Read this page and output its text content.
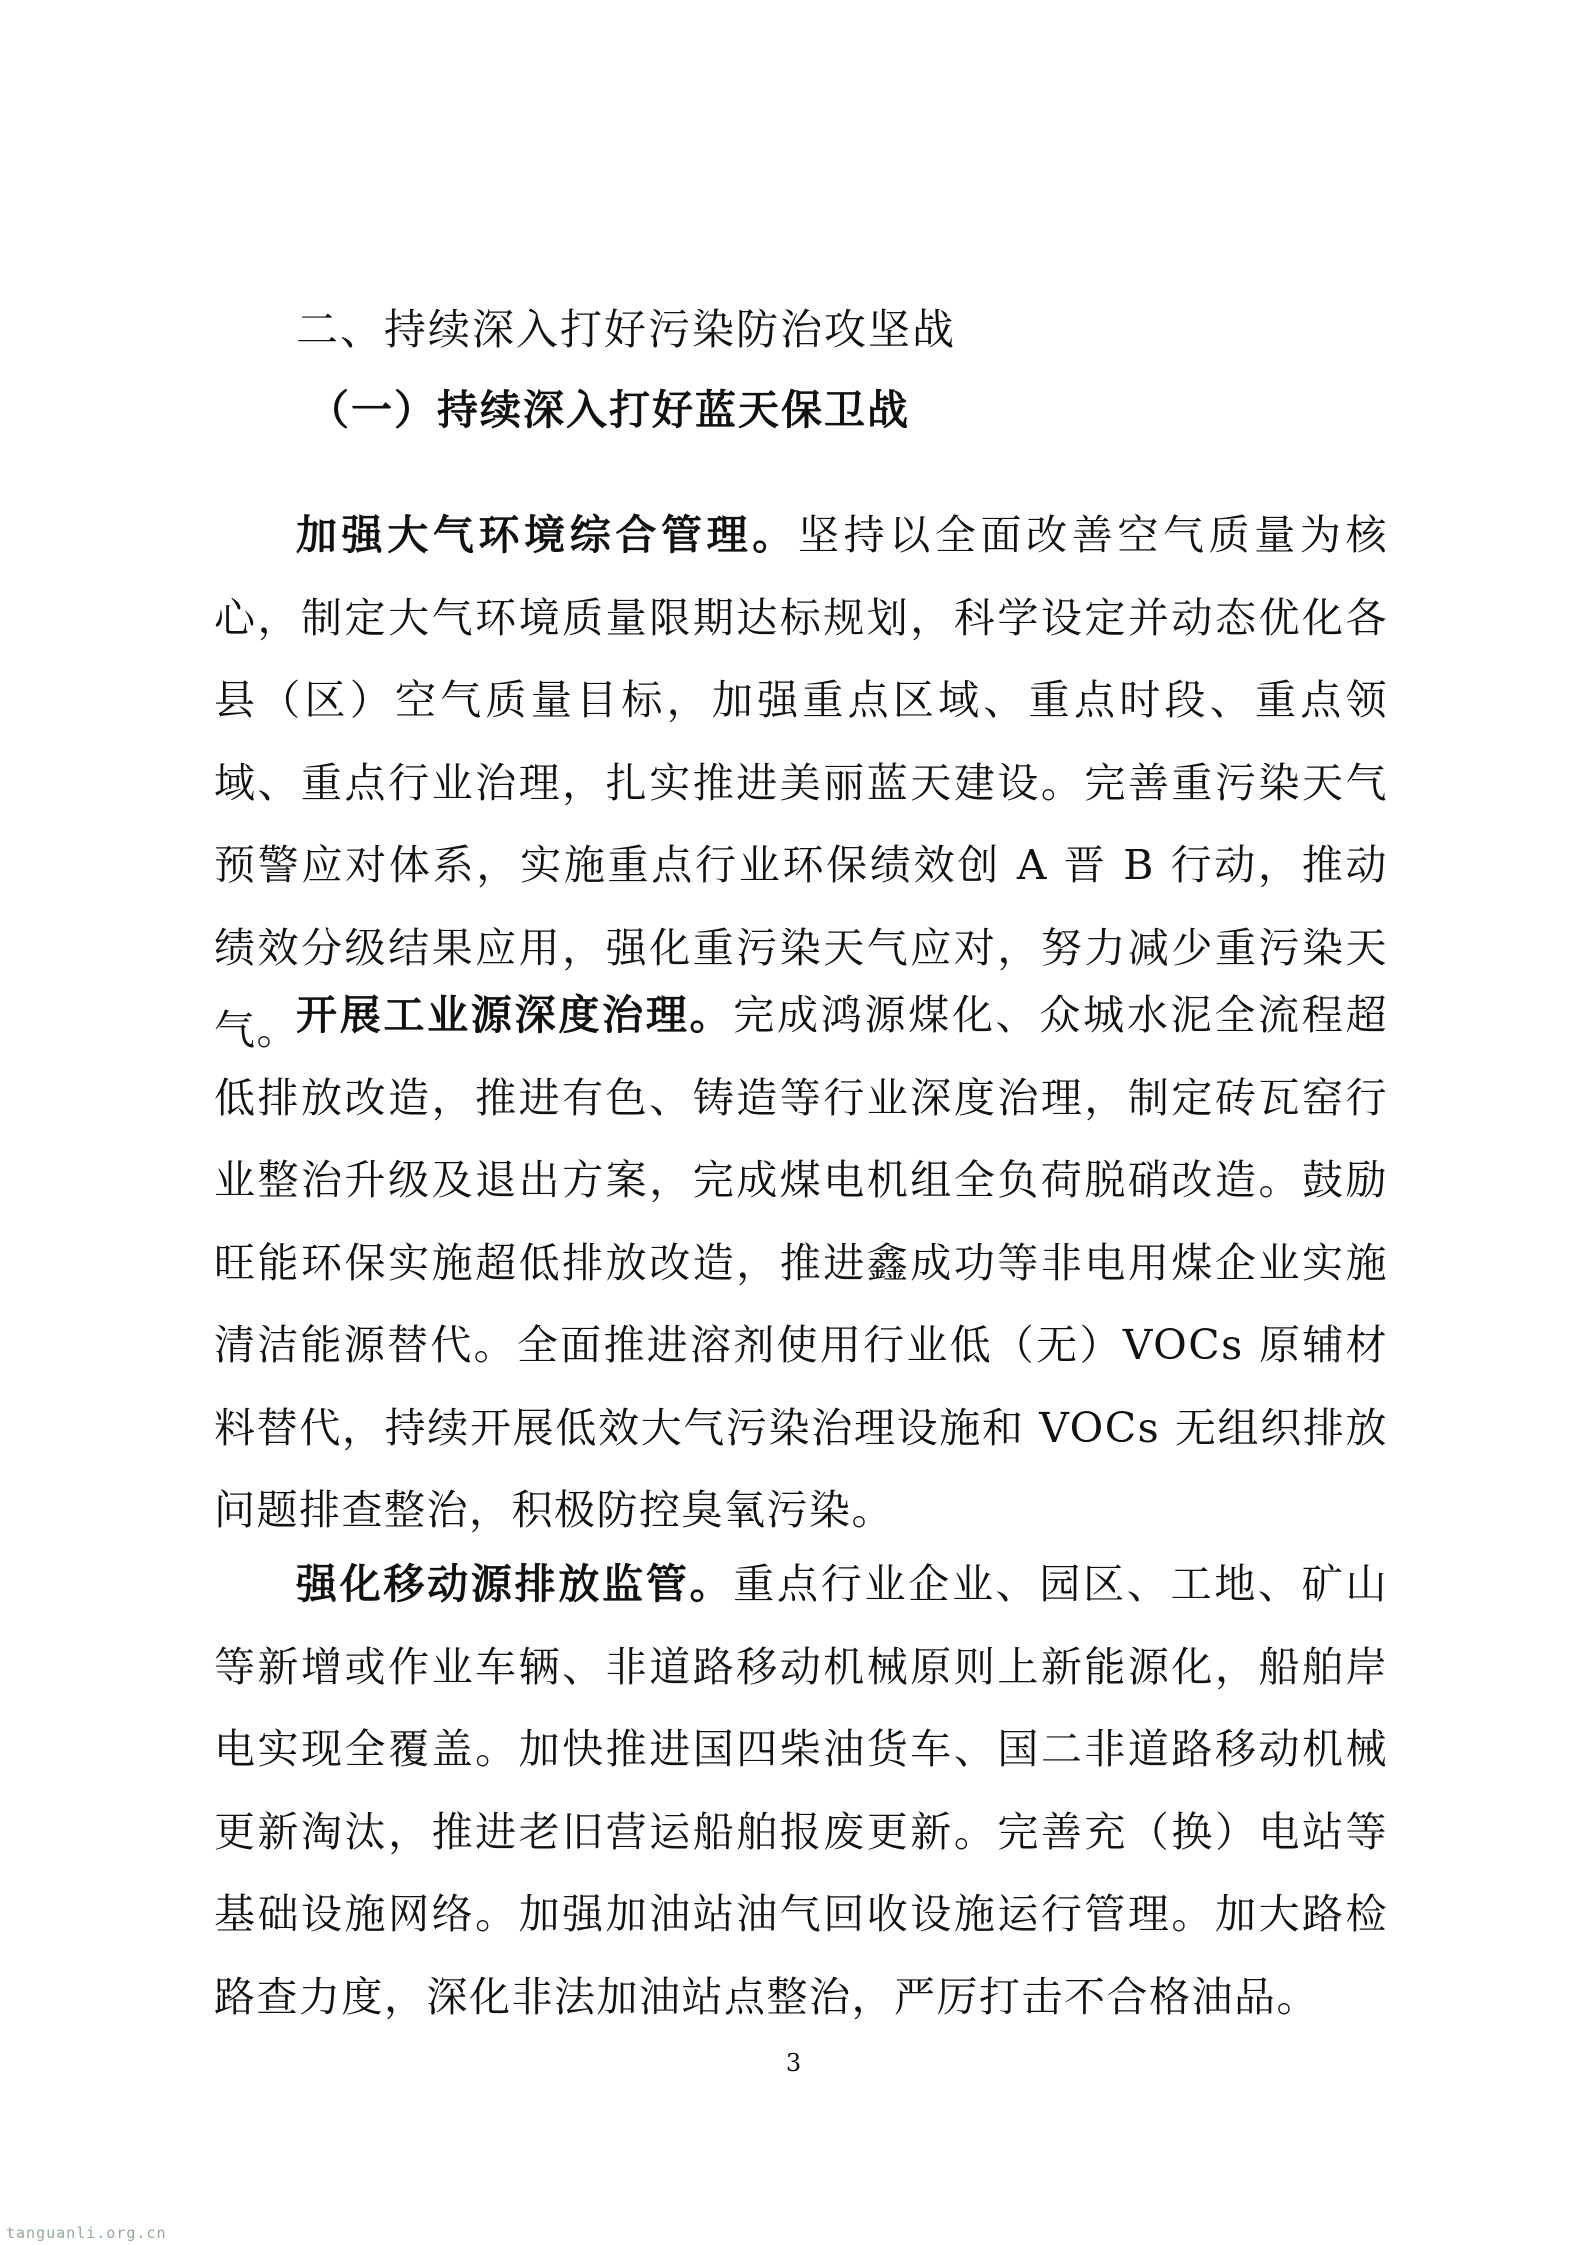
二、持续深入打好污染防治攻坚战
（一）持续深入打好蓝天保卫战

加强大气环境综合管理。坚持以全面改善空气质量为核心，制定大气环境质量限期达标规划，科学设定并动态优化各县（区）空气质量目标，加强重点区域、重点时段、重点领域、重点行业治理，扎实推进美丽蓝天建设。完善重污染天气预警应对体系，实施重点行业环保绩效创 A 晋 B 行动，推动绩效分级结果应用，强化重污染天气应对，努力减少重污染天气。

开展工业源深度治理。完成鸿源煤化、众城水泥全流程超低排放改造，推进有色、铸造等行业深度治理，制定砖瓦窑行业整治升级及退出方案，完成煤电机组全负荷脱硝改造。鼓励旺能环保实施超低排放改造，推进鑫成功等非电用煤企业实施清洁能源替代。全面推进溶剂使用行业低（无）VOCs 原辅材料替代，持续开展低效大气污染治理设施和 VOCs 无组织排放问题排查整治，积极防控臭氧污染。

强化移动源排放监管。重点行业企业、园区、工地、矿山等新增或作业车辆、非道路移动机械原则上新能源化，船舶岸电实现全覆盖。加快推进国四柴油货车、国二非道路移动机械更新淘汰，推进老旧营运船舶报废更新。完善充（换）电站等基础设施网络。加强加油站油气回收设施运行管理。加大路检路查力度，深化非法加油站点整治，严厉打击不合格油品。

3
tanguanli.org.cn
